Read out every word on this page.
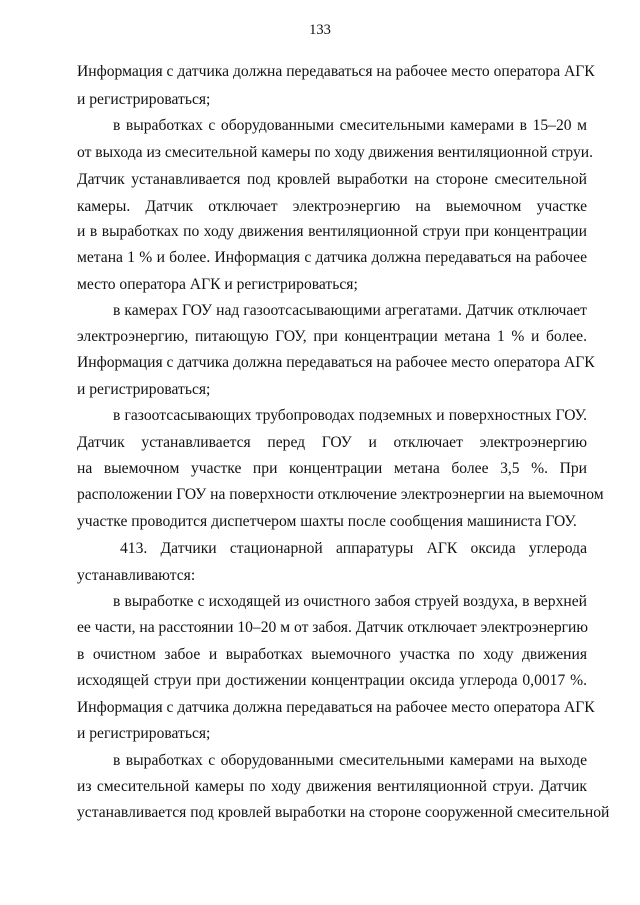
133
Информация с датчика должна передаваться на рабочее место оператора АГК
и регистрироваться;
в выработках с оборудованными смесительными камерами в 15–20 м
от выхода из смесительной камеры по ходу движения вентиляционной струи.
Датчик устанавливается под кровлей выработки на стороне смесительной
камеры. Датчик отключает электроэнергию на выемочном участке
и в выработках по ходу движения вентиляционной струи при концентрации
метана 1 % и более. Информация с датчика должна передаваться на рабочее
место оператора АГК и регистрироваться;
в камерах ГОУ над газоотсасывающими агрегатами. Датчик отключает
электроэнергию, питающую ГОУ, при концентрации метана 1 % и более.
Информация с датчика должна передаваться на рабочее место оператора АГК
и регистрироваться;
в газоотсасывающих трубопроводах подземных и поверхностных ГОУ.
Датчик устанавливается перед ГОУ и отключает электроэнергию
на выемочном участке при концентрации метана более 3,5 %. При
расположении ГОУ на поверхности отключение электроэнергии на выемочном
участке проводится диспетчером шахты после сообщения машиниста ГОУ.
413. Датчики стационарной аппаратуры АГК оксида углерода
устанавливаются:
в выработке с исходящей из очистного забоя струей воздуха, в верхней
ее части, на расстоянии 10–20 м от забоя. Датчик отключает электроэнергию
в очистном забое и выработках выемочного участка по ходу движения
исходящей струи при достижении концентрации оксида углерода 0,0017 %.
Информация с датчика должна передаваться на рабочее место оператора АГК
и регистрироваться;
в выработках с оборудованными смесительными камерами на выходе
из смесительной камеры по ходу движения вентиляционной струи. Датчик
устанавливается под кровлей выработки на стороне сооруженной смесительной
